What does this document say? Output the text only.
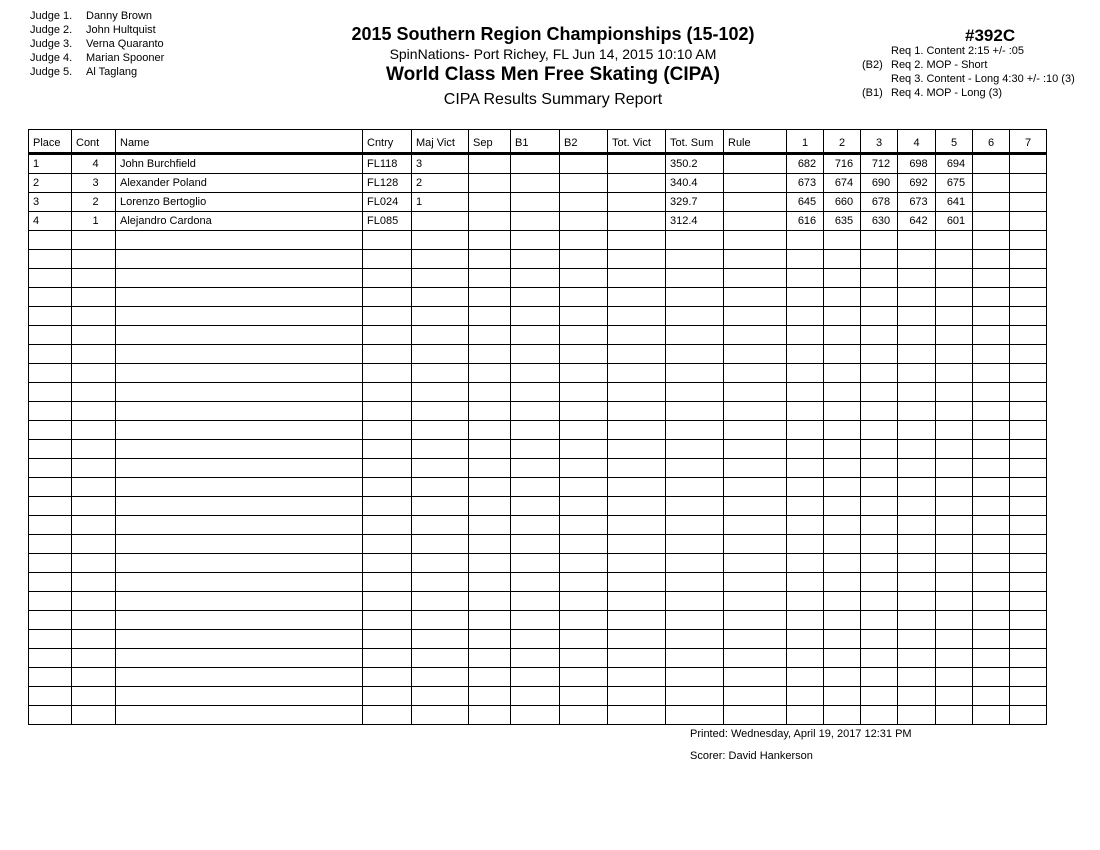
Judge 1. Danny Brown
Judge 2. John Hultquist
Judge 3. Verna Quaranto
Judge 4. Marian Spooner
Judge 5. Al Taglang
2015 Southern Region Championships (15-102)
SpinNations- Port Richey, FL Jun 14, 2015 10:10 AM
World Class Men Free Skating (CIPA)
CIPA Results Summary Report
#392C
Req 1. Content 2:15 +/- :05
(B2) Req 2. MOP - Short
Req 3. Content - Long 4:30 +/- :10 (3)
(B1) Req 4. MOP - Long (3)
Place	Cont	Name	Cntry	Maj Vict	Sep	B1	B2	Tot. Vict	Tot. Sum	Rule	1	2	3	4	5	6	7
1	4	John Burchfield	FL118	3					350.2		682	716	712	698	694		
2	3	Alexander Poland	FL128	2					340.4		673	674	690	692	675		
3	2	Lorenzo Bertoglio	FL024	1					329.7		645	660	678	673	641		
4	1	Alejandro Cardona	FL085						312.4		616	635	630	642	601		

Printed: Wednesday, April 19, 2017 12:31 PM
Scorer: David Hankerson
